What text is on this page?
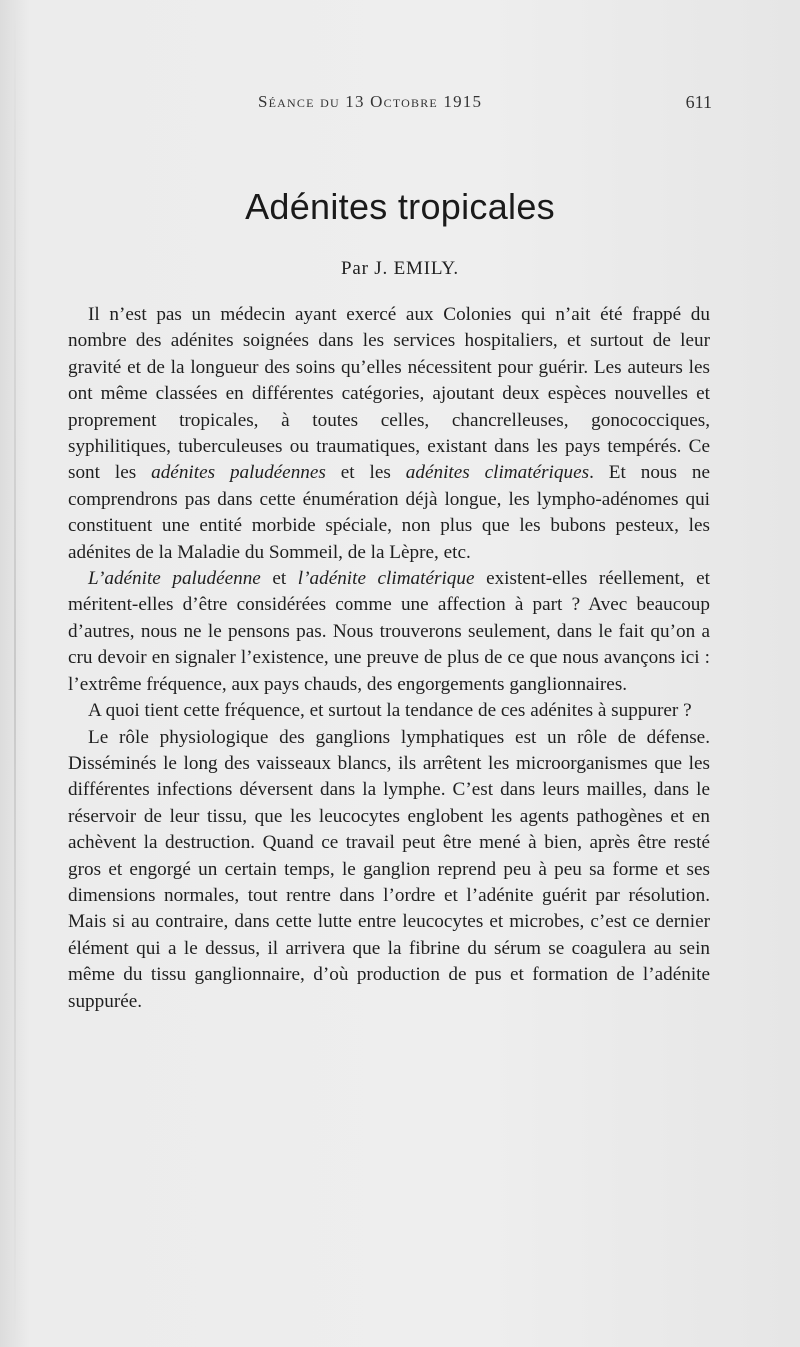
Séance du 13 Octobre 1915	611
Adénites tropicales
Par J. EMILY.

Il n’est pas un médecin ayant exercé aux Colonies qui n’ait été frappé du nombre des adénites soignées dans les services hospitaliers, et surtout de leur gravité et de la longueur des soins qu’elles nécessitent pour guérir. Les auteurs les ont même classées en différentes catégories, ajoutant deux espèces nouvelles et proprement tropicales, à toutes celles, chancrelleuses, gonococciques, syphilitiques, tuberculeuses ou traumatiques, existant dans les pays tempérés. Ce sont les adénites paludéennes et les adénites climatériques. Et nous ne comprendrons pas dans cette énumération déjà longue, les lympho-adénomes qui constituent une entité morbide spéciale, non plus que les bubons pesteux, les adénites de la Maladie du Sommeil, de la Lèpre, etc.

L’adénite paludéenne et l’adénite climatérique existent-elles réellement, et méritent-elles d’être considérées comme une affection à part ? Avec beaucoup d’autres, nous ne le pensons pas. Nous trouverons seulement, dans le fait qu’on a cru devoir en signaler l’existence, une preuve de plus de ce que nous avançons ici : l’extrême fréquence, aux pays chauds, des engorgements ganglionnaires.

A quoi tient cette fréquence, et surtout la tendance de ces adénites à suppurer ?

Le rôle physiologique des ganglions lymphatiques est un rôle de défense. Disséminés le long des vaisseaux blancs, ils arrêtent les microorganismes que les différentes infections déversent dans la lymphe. C’est dans leurs mailles, dans le réservoir de leur tissu, que les leucocytes englobent les agents pathogènes et en achèvent la destruction. Quand ce travail peut être mené à bien, après être resté gros et engorgé un certain temps, le ganglion reprend peu à peu sa forme et ses dimensions normales, tout rentre dans l’ordre et l’adénite guérit par résolution. Mais si au contraire, dans cette lutte entre leucocytes et microbes, c’est ce dernier élément qui a le dessus, il arrivera que la fibrine du sérum se coagulera au sein même du tissu ganglionnaire, d’où production de pus et formation de l’adénite suppurée.
